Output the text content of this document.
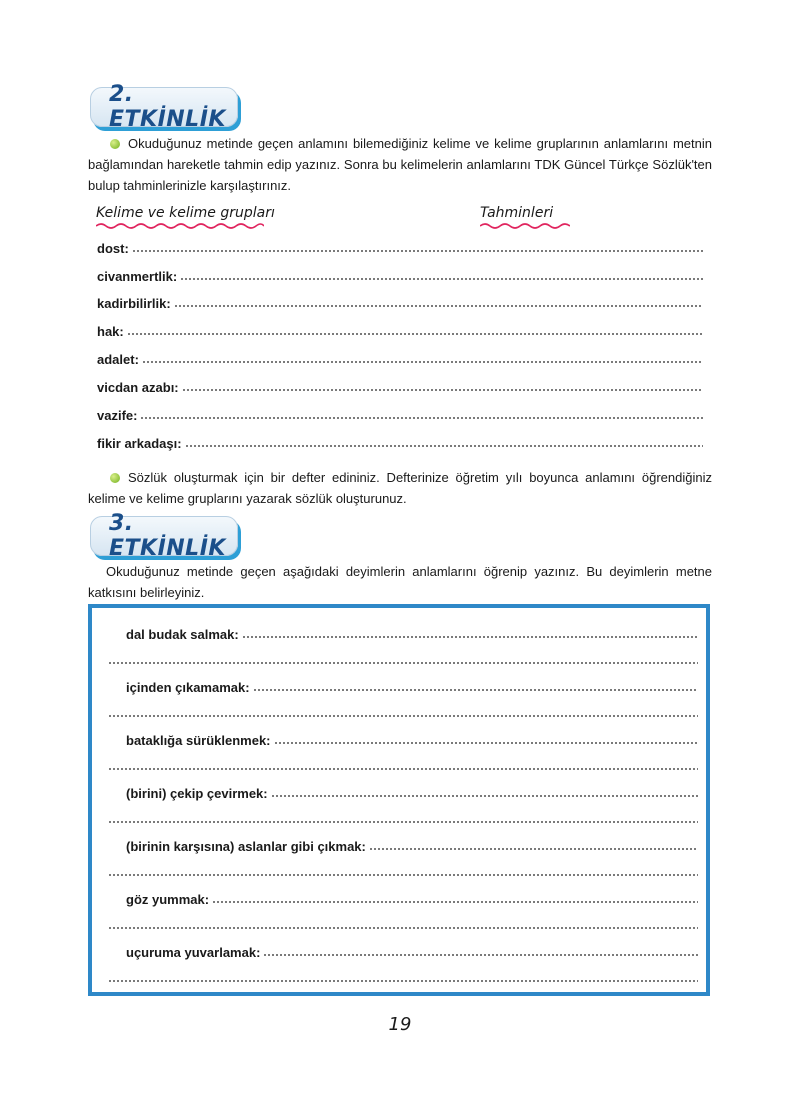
2. ETKİNLİK

Okuduğunuz metinde geçen anlamını bilemediğiniz kelime ve kelime gruplarının anlamlarını metnin bağlamından hareketle tahmin edip yazınız. Sonra bu kelimelerin anlamlarını TDK Güncel Türkçe Sözlük'ten bulup tahminlerinizle karşılaştırınız.

Kelime ve kelime grupları	Tahminleri
dost:
civanmertlik:
kadirbilirlik:
hak:
adalet:
vicdan azabı:
vazife:
fikir arkadaşı:

Sözlük oluşturmak için bir defter edininiz. Defterinize öğretim yılı boyunca anlamını öğrendiğiniz kelime ve kelime gruplarını yazarak sözlük oluşturunuz.

3. ETKİNLİK

Okuduğunuz metinde geçen aşağıdaki deyimlerin anlamlarını öğrenip yazınız. Bu deyimlerin metne katkısını belirleyiniz.

dal budak salmak:
içinden çıkamamak:
bataklığa sürüklenmek:
(birini) çekip çevirmek:
(birinin karşısına) aslanlar gibi çıkmak:
göz yummak:
uçuruma yuvarlamak:
19
